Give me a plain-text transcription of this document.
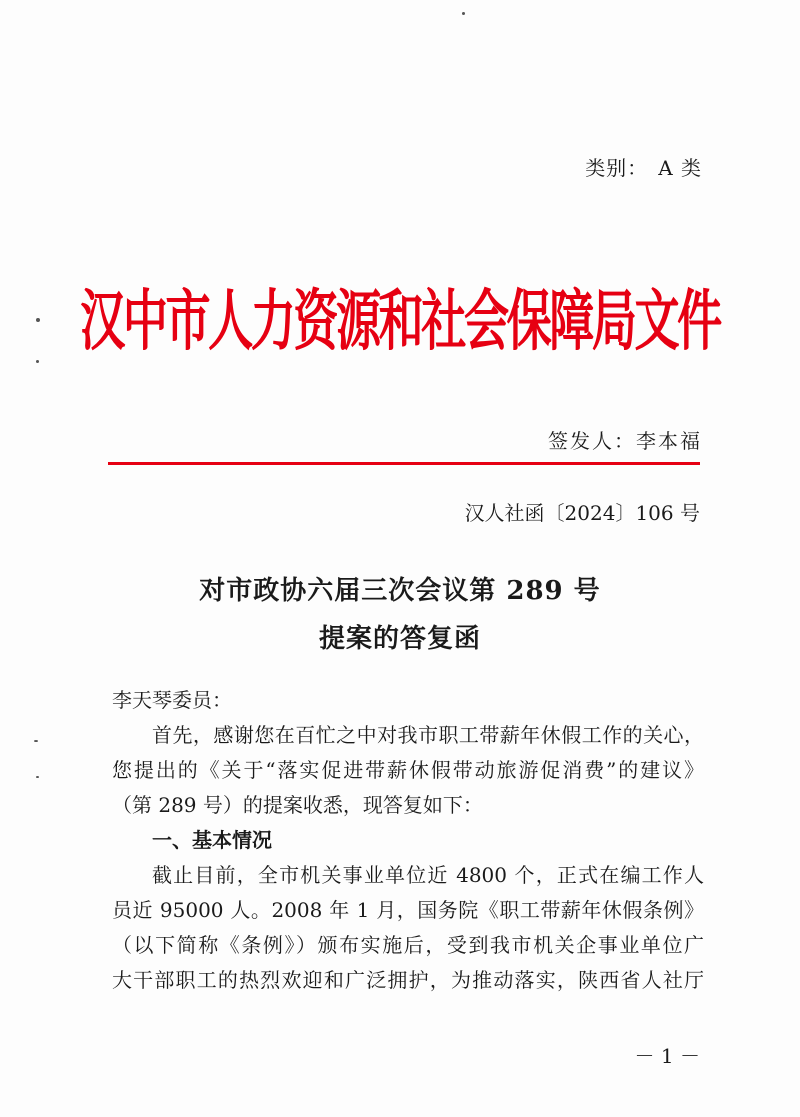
类别： A 类
汉中市人力资源和社会保障局文件
签发人：李本福
汉人社函〔2024〕106 号
对市政协六届三次会议第 289 号
提案的答复函

李天琴委员：

首先，感谢您在百忙之中对我市职工带薪年休假工作的关心，

您提出的《关于“落实促进带薪休假带动旅游促消费”的建议》

（第 289 号）的提案收悉，现答复如下：

一、基本情况

截止目前，全市机关事业单位近 4800 个，正式在编工作人

员近 95000 人。2008 年 1 月，国务院《职工带薪年休假条例》

（以下简称《条例》）颁布实施后，受到我市机关企事业单位广

大干部职工的热烈欢迎和广泛拥护，为推动落实，陕西省人社厅

－ 1 －
